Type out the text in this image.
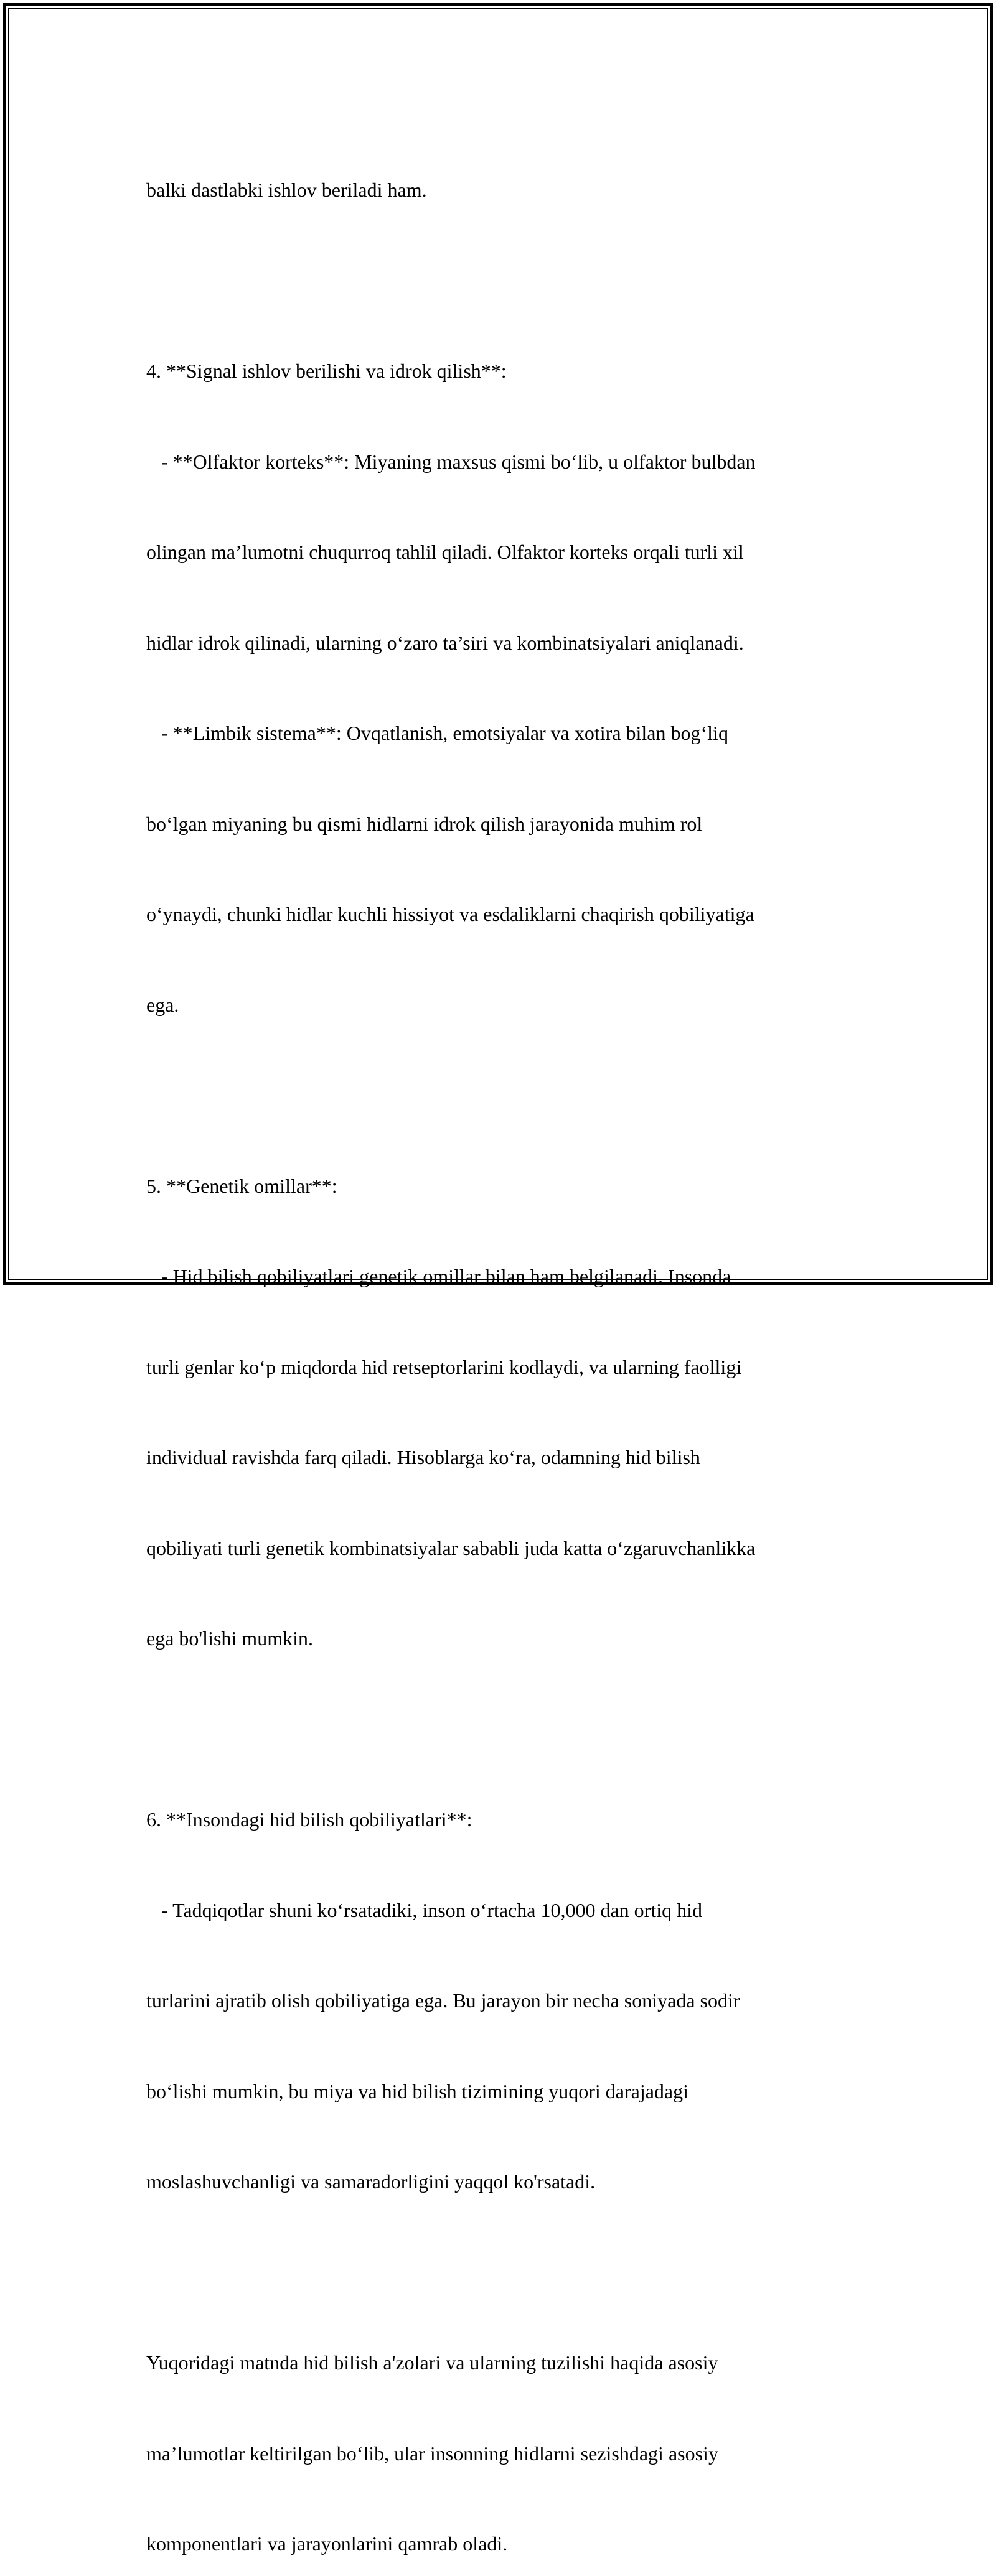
balki dastlabki ishlov beriladi ham.

4. **Signal ishlov berilishi va idrok qilish**:

- **Olfaktor korteks**: Miyaning maxsus qismi bo‘lib, u olfaktor bulbdan

olingan ma’lumotni chuqurroq tahlil qiladi. Olfaktor korteks orqali turli xil

hidlar idrok qilinadi, ularning o‘zaro ta’siri va kombinatsiyalari aniqlanadi.

- **Limbik sistema**: Ovqatlanish, emotsiyalar va xotira bilan bog‘liq

bo‘lgan miyaning bu qismi hidlarni idrok qilish jarayonida muhim rol

o‘ynaydi, chunki hidlar kuchli hissiyot va esdaliklarni chaqirish qobiliyatiga

ega.

5. **Genetik omillar**:

- Hid bilish qobiliyatlari genetik omillar bilan ham belgilanadi. Insonda

turli genlar ko‘p miqdorda hid retseptorlarini kodlaydi, va ularning faolligi

individual ravishda farq qiladi. Hisoblarga ko‘ra, odamning hid bilish

qobiliyati turli genetik kombinatsiyalar sababli juda katta o‘zgaruvchanlikka

ega bo'lishi mumkin.

6. **Insondagi hid bilish qobiliyatlari**:

- Tadqiqotlar shuni ko‘rsatadiki, inson o‘rtacha 10,000 dan ortiq hid

turlarini ajratib olish qobiliyatiga ega. Bu jarayon bir necha soniyada sodir

bo‘lishi mumkin, bu miya va hid bilish tizimining yuqori darajadagi

moslashuvchanligi va samaradorligini yaqqol ko'rsatadi.

Yuqoridagi matnda hid bilish a'zolari va ularning tuzilishi haqida asosiy

ma’lumotlar keltirilgan bo‘lib, ular insonning hidlarni sezishdagi asosiy

komponentlari va jarayonlarini qamrab oladi.
